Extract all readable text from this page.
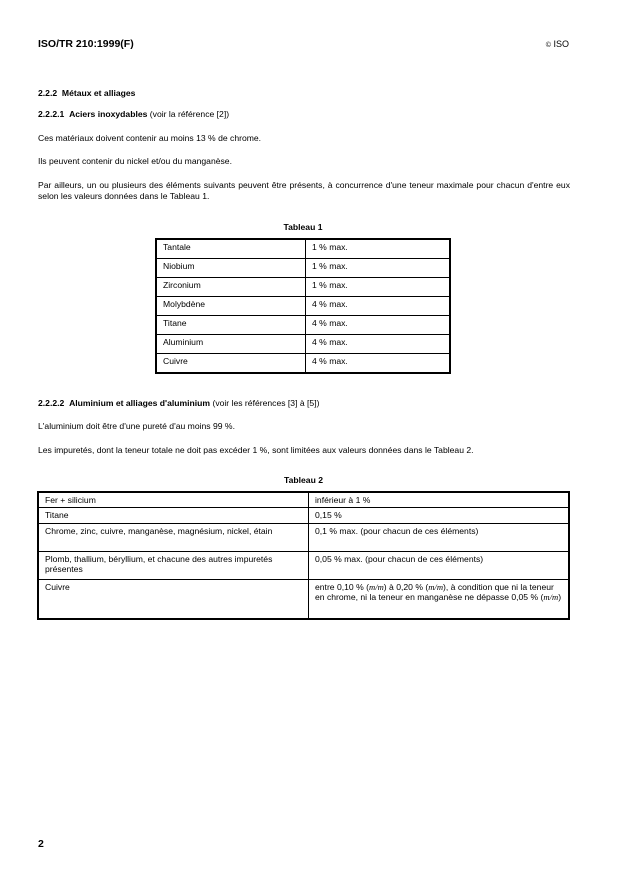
ISO/TR 210:1999(F)	© ISO
2.2.2 Métaux et alliages
2.2.2.1 Aciers inoxydables (voir la référence [2])
Ces matériaux doivent contenir au moins 13 % de chrome.
Ils peuvent contenir du nickel et/ou du manganèse.
Par ailleurs, un ou plusieurs des éléments suivants peuvent être présents, à concurrence d'une teneur maximale pour chacun d'entre eux selon les valeurs données dans le Tableau 1.
Tableau 1
Tantale	1 % max.
Niobium	1 % max.
Zirconium	1 % max.
Molybdène	4 % max.
Titane	4 % max.
Aluminium	4 % max.
Cuivre	4 % max.
2.2.2.2 Aluminium et alliages d'aluminium (voir les références [3] à [5])
L'aluminium doit être d'une pureté d'au moins 99 %.
Les impuretés, dont la teneur totale ne doit pas excéder 1 %, sont limitées aux valeurs données dans le Tableau 2.
Tableau 2
Fer + silicium	inférieur à 1 %
Titane	0,15 %
Chrome, zinc, cuivre, manganèse, magnésium, nickel, étain	0,1 % max. (pour chacun de ces éléments)
Plomb, thallium, béryllium, et chacune des autres impuretés présentes	0,05 % max. (pour chacun de ces éléments)
Cuivre	entre 0,10 % (m/m) à 0,20 % (m/m), à condition que ni la teneur en chrome, ni la teneur en manganèse ne dépasse 0,05 % (m/m)
2
